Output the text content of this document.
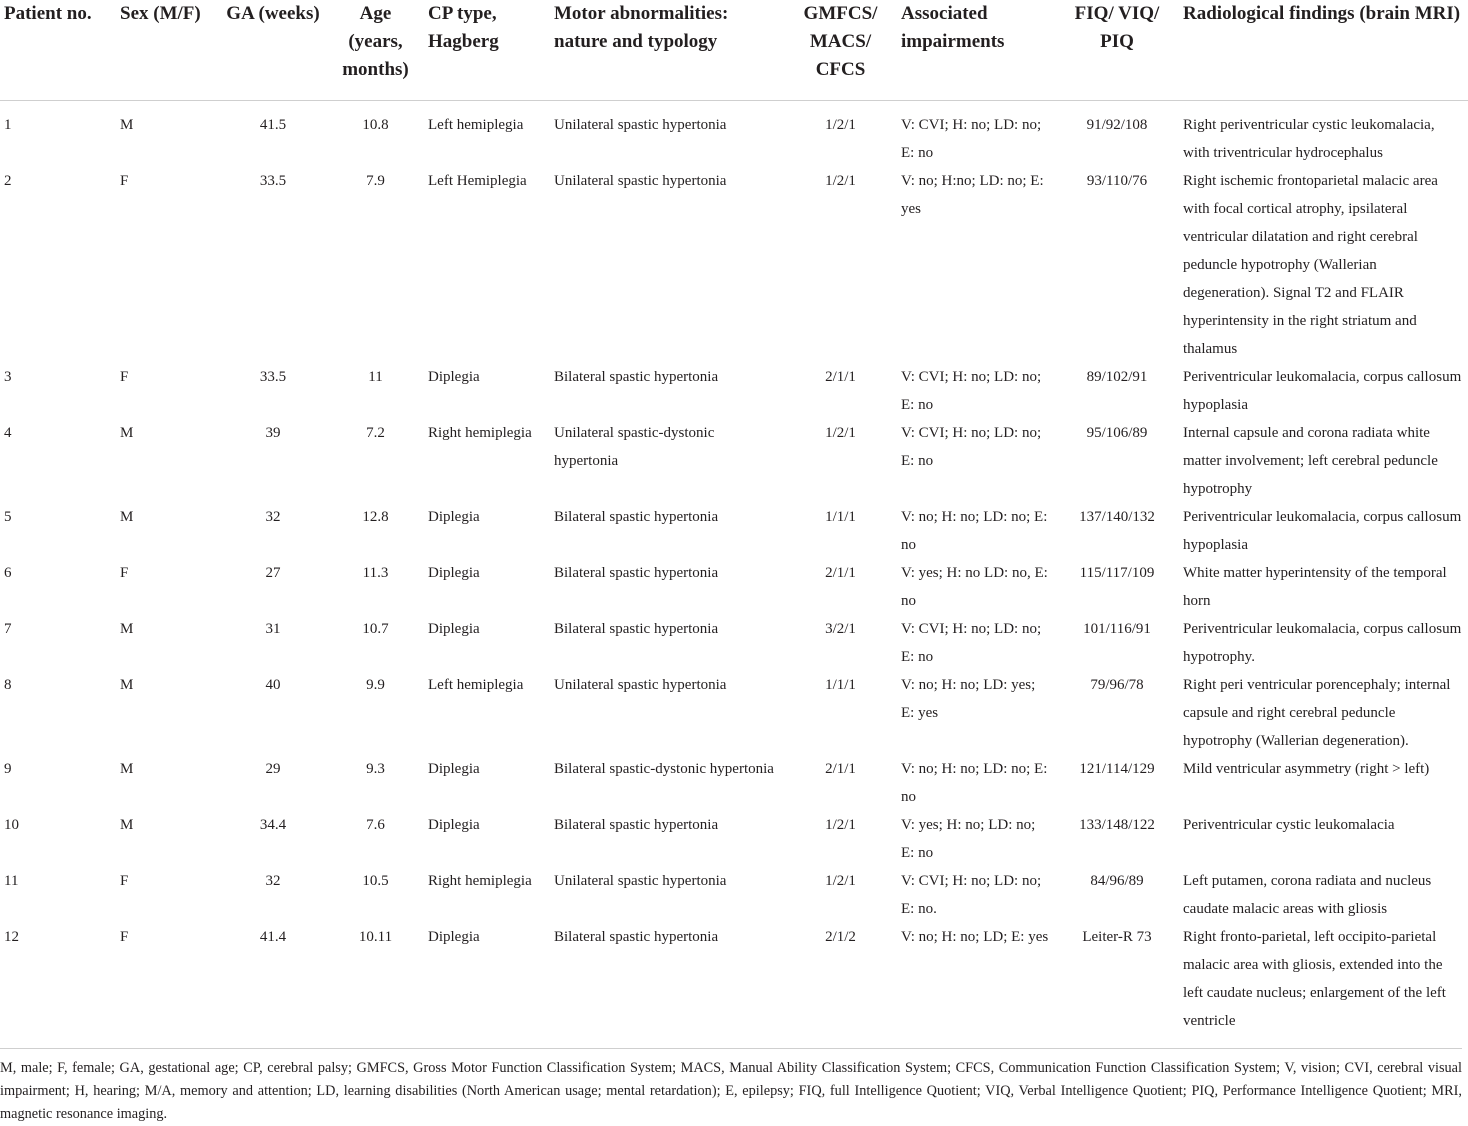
Patient no.	Sex (M/F)	GA (weeks)	Age (years, months)	CP type, Hagberg	Motor abnormalities: nature and typology	GMFCS/ MACS/ CFCS	Associated impairments	FIQ/ VIQ/ PIQ	Radiological findings (brain MRI)
1	M	41.5	10.8	Left hemiplegia	Unilateral spastic hypertonia	1/2/1	V: CVI; H: no; LD: no; E: no	91/92/108	Right periventricular cystic leukomalacia, with triventricular hydrocephalus
2	F	33.5	7.9	Left Hemiplegia	Unilateral spastic hypertonia	1/2/1	V: no; H:no; LD: no; E: yes	93/110/76	Right ischemic frontoparietal malacic area with focal cortical atrophy, ipsilateral ventricular dilatation and right cerebral peduncle hypotrophy (Wallerian degeneration). Signal T2 and FLAIR hyperintensity in the right striatum and thalamus
3	F	33.5	11	Diplegia	Bilateral spastic hypertonia	2/1/1	V: CVI; H: no; LD: no; E: no	89/102/91	Periventricular leukomalacia, corpus callosum hypoplasia
4	M	39	7.2	Right hemiplegia	Unilateral spastic-dystonic hypertonia	1/2/1	V: CVI; H: no; LD: no; E: no	95/106/89	Internal capsule and corona radiata white matter involvement; left cerebral peduncle hypotrophy
5	M	32	12.8	Diplegia	Bilateral spastic hypertonia	1/1/1	V: no; H: no; LD: no; E: no	137/140/132	Periventricular leukomalacia, corpus callosum hypoplasia
6	F	27	11.3	Diplegia	Bilateral spastic hypertonia	2/1/1	V: yes; H: no LD: no, E: no	115/117/109	White matter hyperintensity of the temporal horn
7	M	31	10.7	Diplegia	Bilateral spastic hypertonia	3/2/1	V: CVI; H: no; LD: no; E: no	101/116/91	Periventricular leukomalacia, corpus callosum hypotrophy.
8	M	40	9.9	Left hemiplegia	Unilateral spastic hypertonia	1/1/1	V: no; H: no; LD: yes; E: yes	79/96/78	Right peri ventricular porencephaly; internal capsule and right cerebral peduncle hypotrophy (Wallerian degeneration).
9	M	29	9.3	Diplegia	Bilateral spastic-dystonic hypertonia	2/1/1	V: no; H: no; LD: no; E: no	121/114/129	Mild ventricular asymmetry (right > left)
10	M	34.4	7.6	Diplegia	Bilateral spastic hypertonia	1/2/1	V: yes; H: no; LD: no; E: no	133/148/122	Periventricular cystic leukomalacia
11	F	32	10.5	Right hemiplegia	Unilateral spastic hypertonia	1/2/1	V: CVI; H: no; LD: no; E: no.	84/96/89	Left putamen, corona radiata and nucleus caudate malacic areas with gliosis
12	F	41.4	10.11	Diplegia	Bilateral spastic hypertonia	2/1/2	V: no; H: no; LD; E: yes	Leiter-R 73	Right fronto-parietal, left occipito-parietal malacic area with gliosis, extended into the left caudate nucleus; enlargement of the left ventricle
M, male; F, female; GA, gestational age; CP, cerebral palsy; GMFCS, Gross Motor Function Classification System; MACS, Manual Ability Classification System; CFCS, Communication Function Classification System; V, vision; CVI, cerebral visual impairment; H, hearing; M/A, memory and attention; LD, learning disabilities (North American usage; mental retardation); E, epilepsy; FIQ, full Intelligence Quotient; VIQ, Verbal Intelligence Quotient; PIQ, Performance Intelligence Quotient; MRI, magnetic resonance imaging.
